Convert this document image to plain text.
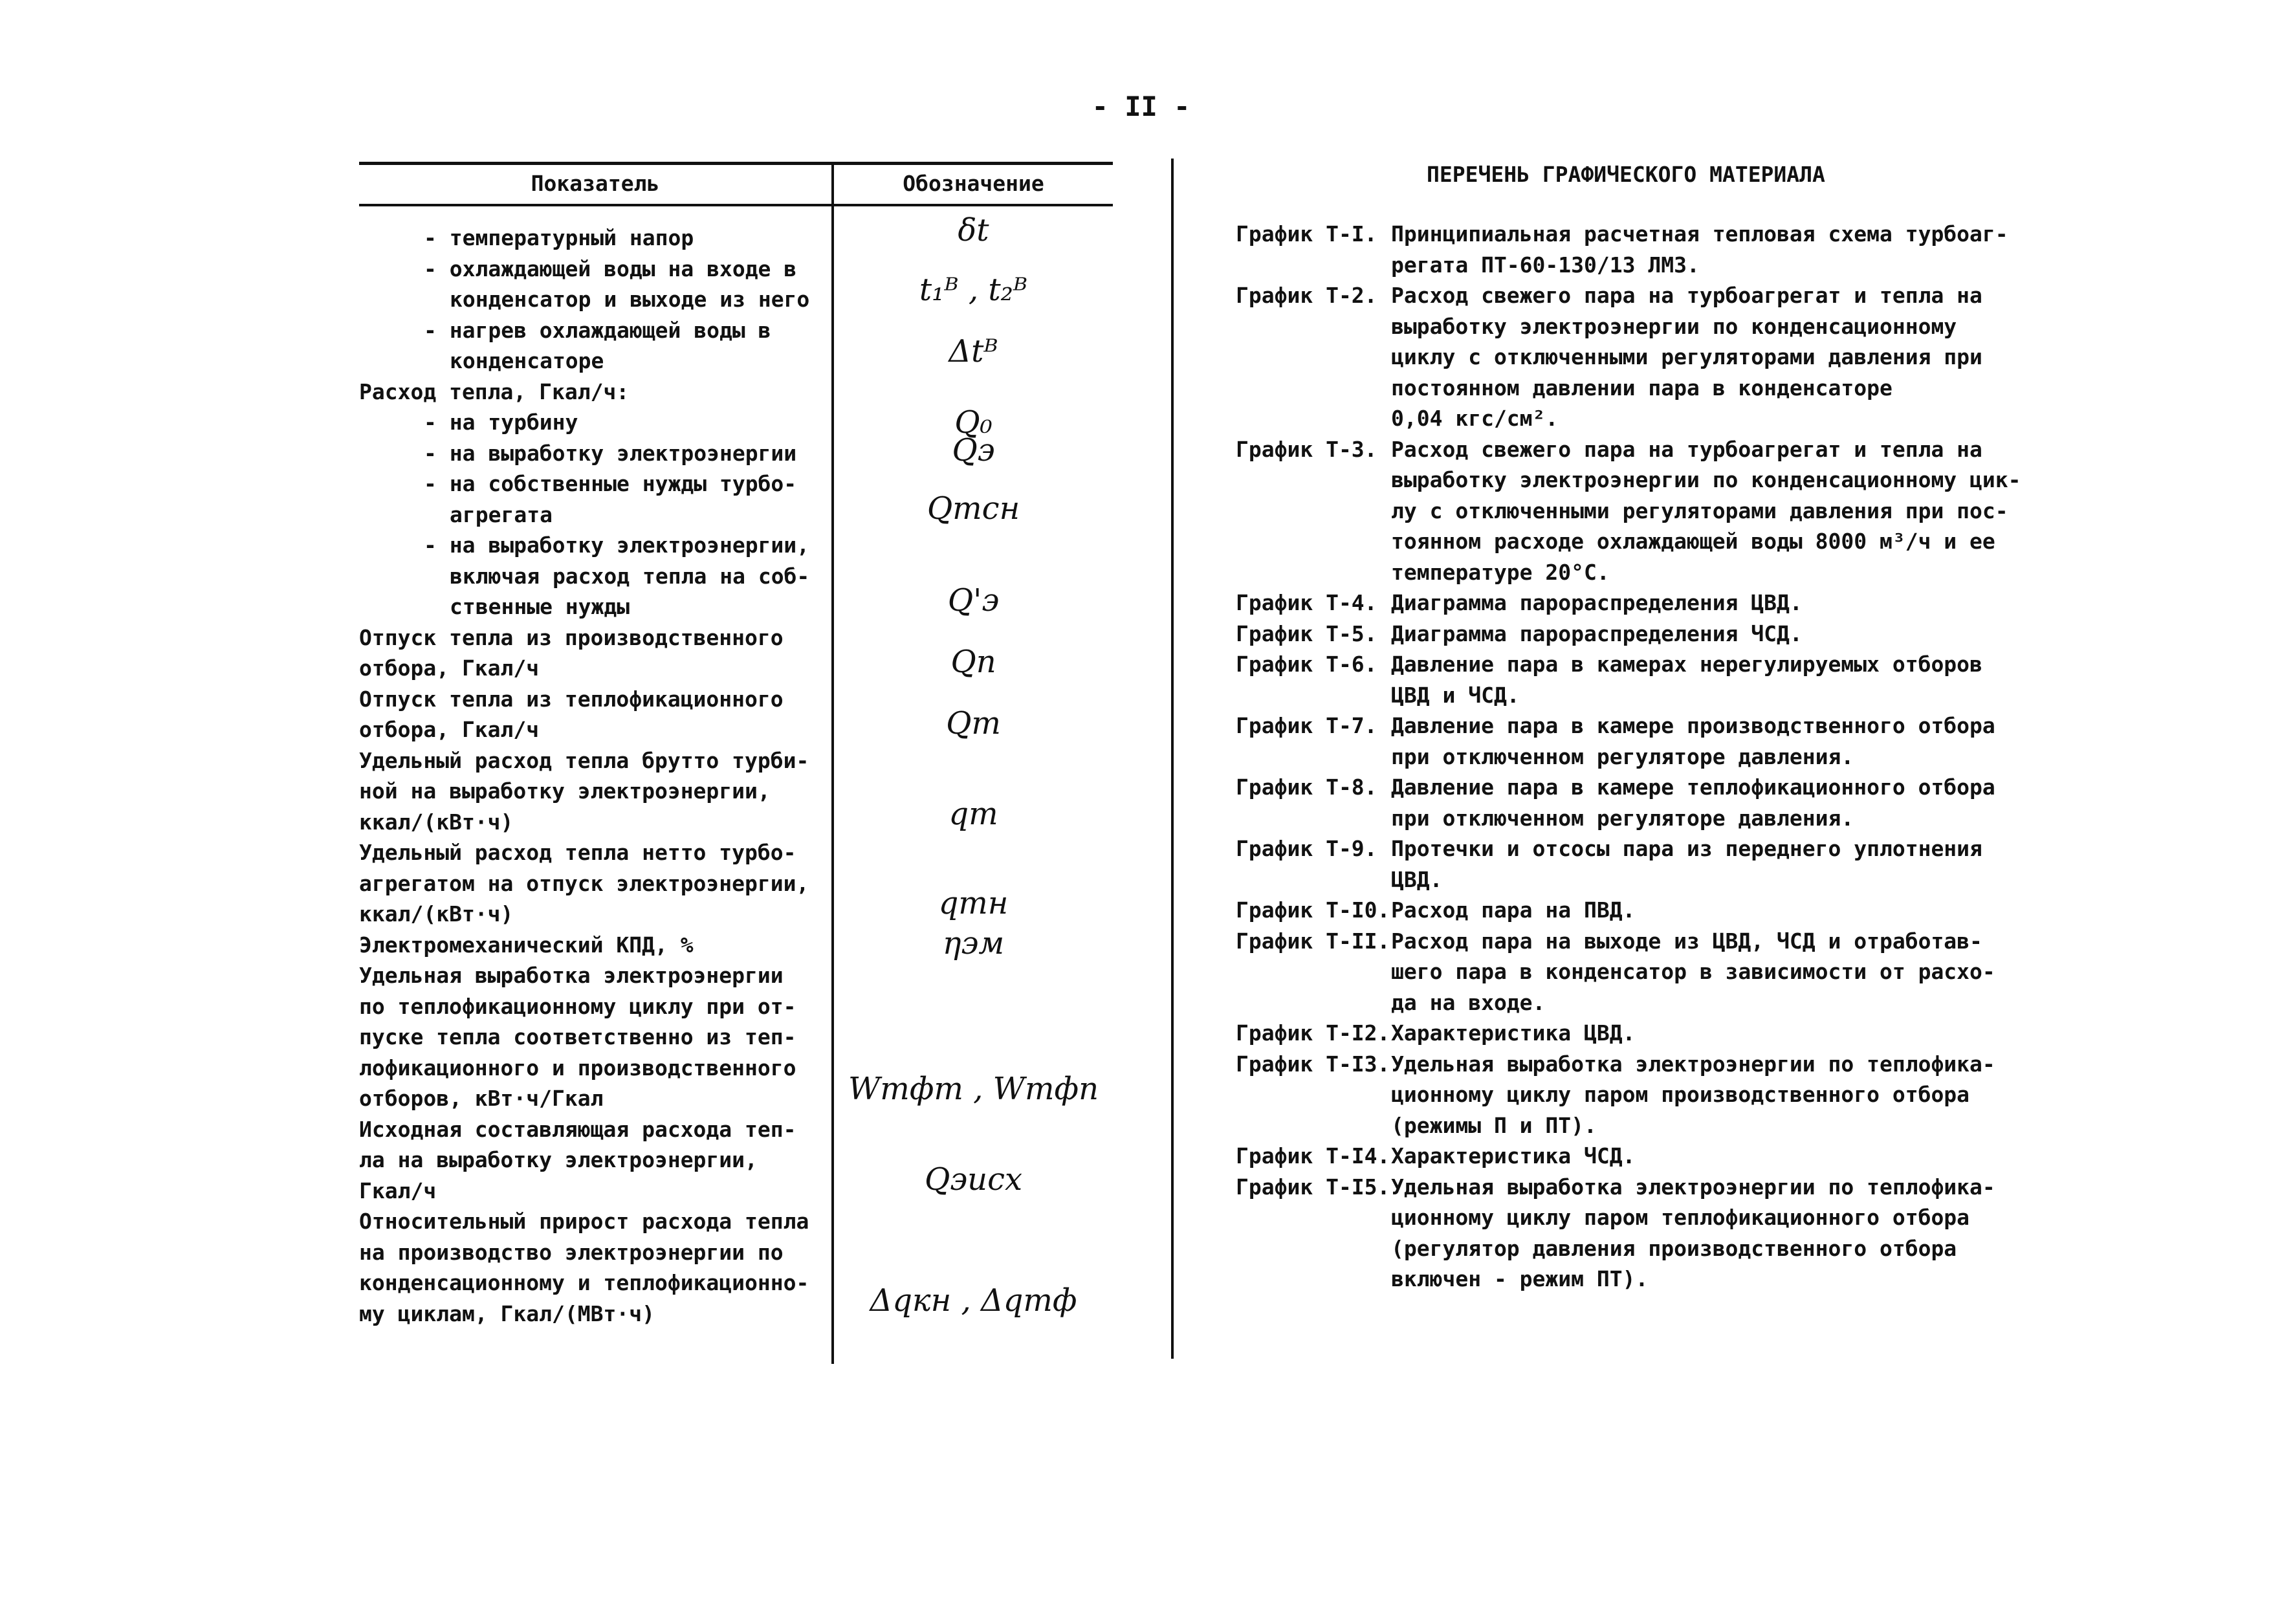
- II -
Показатель	Обозначение
- температурный напор
- охлаждающей воды на входе в
конденсатор и выходе из него
- нагрев охлаждающей воды в
конденсаторе
Расход тепла, Гкал/ч:
- на турбину
- на выработку электроэнергии
- на собственные нужды турбо-
агрегата
- на выработку электроэнергии,
включая расход тепла на соб-
ственные нужды
Отпуск тепла из производственного
отбора, Гкал/ч
Отпуск тепла из теплофикационного
отбора, Гкал/ч
Удельный расход тепла брутто турби-
ной на выработку электроэнергии,
ккал/(кВт·ч)
Удельный расход тепла нетто турбо-
агрегатом на отпуск электроэнергии,
ккал/(кВт·ч)
Электромеханический КПД, %
Удельная выработка электроэнергии
по теплофикационному циклу при от-
пуске тепла соответственно из теп-
лофикационного и производственного
отборов, кВт·ч/Гкал
Исходная составляющая расхода теп-
ла на выработку электроэнергии,
Гкал/ч
Относительный прирост расхода тепла
на производство электроэнергии по
конденсационному и теплофикационно-
му циклам, Гкал/(МВт·ч)
δt
t₁ᴮ , t₂ᴮ
Δtᴮ
Q₀
Qэ
Qтсн
Q'э
Qп
Qт
qт
qтн
ηэм
Wтфт , Wтфп
Qэисх
Δqкн , Δqтф
ПЕРЕЧЕНЬ ГРАФИЧЕСКОГО МАТЕРИАЛА
График Т-I. Принципиальная расчетная тепловая схема турбоаг-
регата ПТ-60-130/13 ЛМЗ.
График Т-2. Расход свежего пара на турбоагрегат и тепла на
выработку электроэнергии по конденсационному
циклу с отключенными регуляторами давления при
постоянном давлении пара в конденсаторе
0,04 кгс/см².
График Т-3. Расход свежего пара на турбоагрегат и тепла на
выработку электроэнергии по конденсационному цик-
лу с отключенными регуляторами давления при пос-
тоянном расходе охлаждающей воды 8000 м³/ч и ее
температуре 20°С.
График Т-4. Диаграмма парораспределения ЦВД.
График Т-5. Диаграмма парораспределения ЧСД.
График Т-6. Давление пара в камерах нерегулируемых отборов
ЦВД и ЧСД.
График Т-7. Давление пара в камере производственного отбора
при отключенном регуляторе давления.
График Т-8. Давление пара в камере теплофикационного отбора
при отключенном регуляторе давления.
График Т-9. Протечки и отсосы пара из переднего уплотнения
ЦВД.
График Т-I0. Расход пара на ПВД.
График Т-II. Расход пара на выходе из ЦВД, ЧСД и отработав-
шего пара в конденсатор в зависимости от расхо-
да на входе.
График Т-I2. Характеристика ЦВД.
График Т-I3. Удельная выработка электроэнергии по теплофика-
ционному циклу паром производственного отбора
(режимы П и ПТ).
График Т-I4. Характеристика ЧСД.
График Т-I5. Удельная выработка электроэнергии по теплофика-
ционному циклу паром теплофикационного отбора
(регулятор давления производственного отбора
включен - режим ПТ).
